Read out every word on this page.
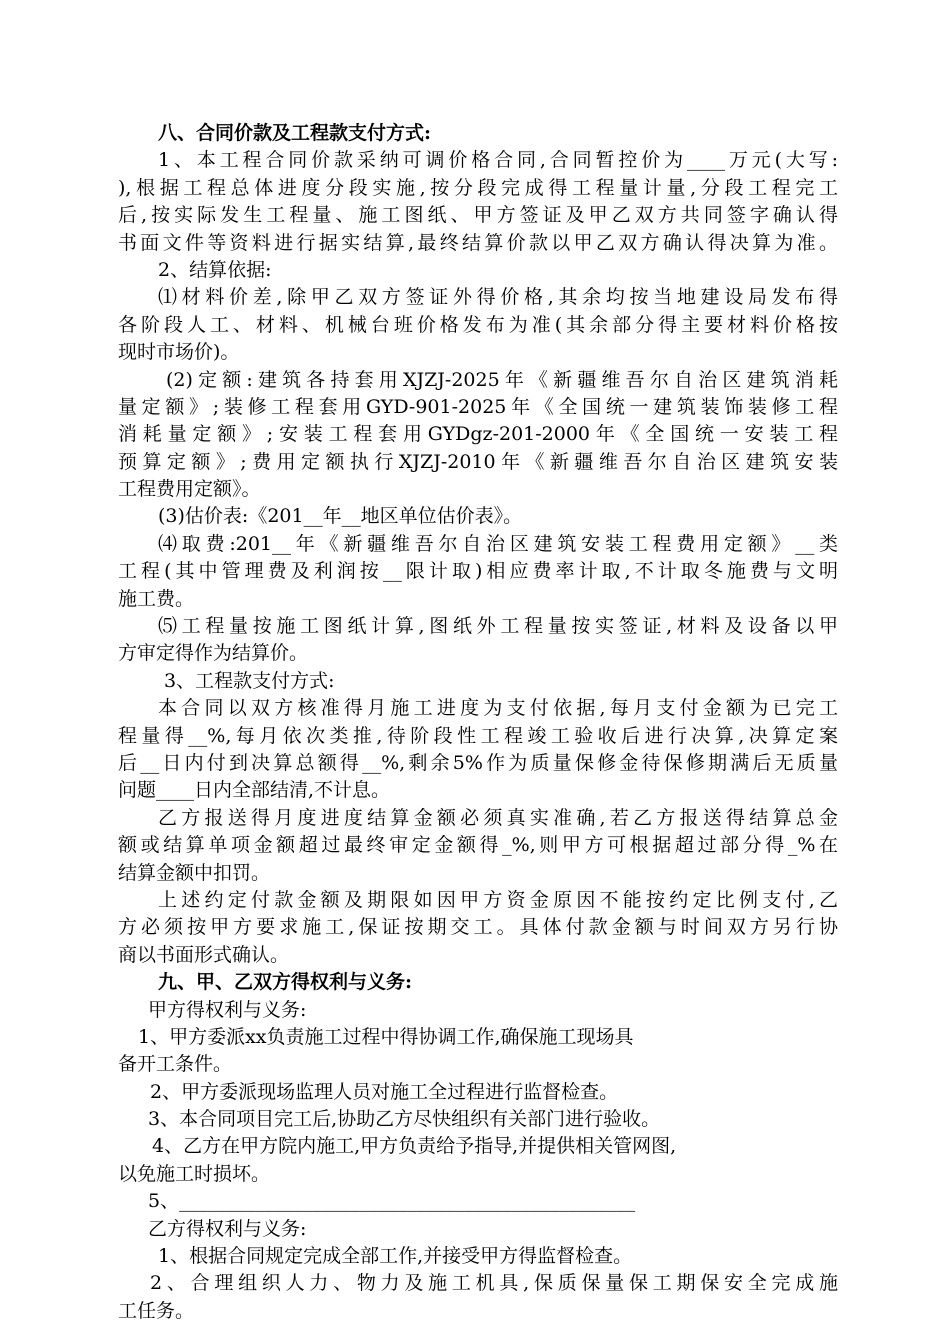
八、合同价款及工程款支付方式:
1、本工程合同价款采纳可调价格合同,合同暂控价为____万元(大写:
),根据工程总体进度分段实施,按分段完成得工程量计量,分段工程完工
后,按实际发生工程量、施工图纸、甲方签证及甲乙双方共同签字确认得
书面文件等资料进行据实结算,最终结算价款以甲乙双方确认得决算为准。
2、结算依据:
⑴材料价差,除甲乙双方签证外得价格,其余均按当地建设局发布得
各阶段人工、材料、机械台班价格发布为准(其余部分得主要材料价格按
现时市场价)。
(2)定额:建筑各持套用XJZJ-2025年《新疆维吾尔自治区建筑消耗
量定额》;装修工程套用GYD-901-2025年《全国统一建筑装饰装修工程
消耗量定额》;安装工程套用GYDgz-201-2000年《全国统一安装工程
预算定额》;费用定额执行XJZJ-2010年《新疆维吾尔自治区建筑安装
工程费用定额》。
(3)估价表:《201__年__地区单位估价表》。
⑷取费:201__年《新疆维吾尔自治区建筑安装工程费用定额》__类
工程(其中管理费及利润按__限计取)相应费率计取,不计取冬施费与文明
施工费。
⑸工程量按施工图纸计算,图纸外工程量按实签证,材料及设备以甲
方审定得作为结算价。
3、工程款支付方式:
本合同以双方核准得月施工进度为支付依据,每月支付金额为已完工
程量得__%,每月依次类推,待阶段性工程竣工验收后进行决算,决算定案
后__日内付到决算总额得__%,剩余5%作为质量保修金待保修期满后无质量
问题____日内全部结清,不计息。
乙方报送得月度进度结算金额必须真实准确,若乙方报送得结算总金
额或结算单项金额超过最终审定金额得_%,则甲方可根据超过部分得_%在
结算金额中扣罚。
上述约定付款金额及期限如因甲方资金原因不能按约定比例支付,乙
方必须按甲方要求施工,保证按期交工。具体付款金额与时间双方另行协
商以书面形式确认。
九、甲、乙双方得权利与义务:
甲方得权利与义务:
1、甲方委派xx负责施工过程中得协调工作,确保施工现场具
备开工条件。
2、甲方委派现场监理人员对施工全过程进行监督检查。
3、本合同项目完工后,协助乙方尽快组织有关部门进行验收。
4、乙方在甲方院内施工,甲方负责给予指导,并提供相关管网图,
以免施工时损坏。
5、________________________________________________
乙方得权利与义务:
1、根据合同规定完成全部工作,并接受甲方得监督检查。
2、合理组织人力、物力及施工机具,保质保量保工期保安全完成施
工任务。
